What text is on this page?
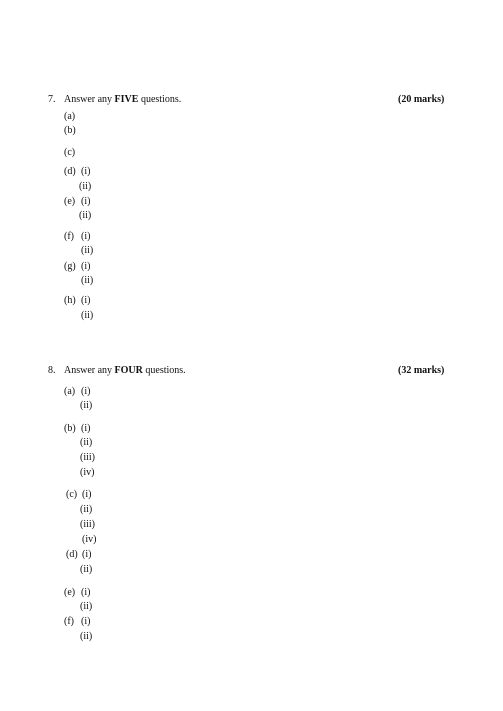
7. Answer any FIVE questions.	(20 marks)
(a)
(b)
(c)
(d) (i)
(ii)
(e) (i)
(ii)
(f) (i)
(ii)
(g) (i)
(ii)
(h) (i)
(ii)
8. Answer any FOUR questions.	(32 marks)
(a) (i)
(ii)
(b) (i)
(ii)
(iii)
(iv)
(c) (i)
(ii)
(iii)
(iv)
(d) (i)
(ii)
(e) (i)
(ii)
(f) (i)
(ii)
